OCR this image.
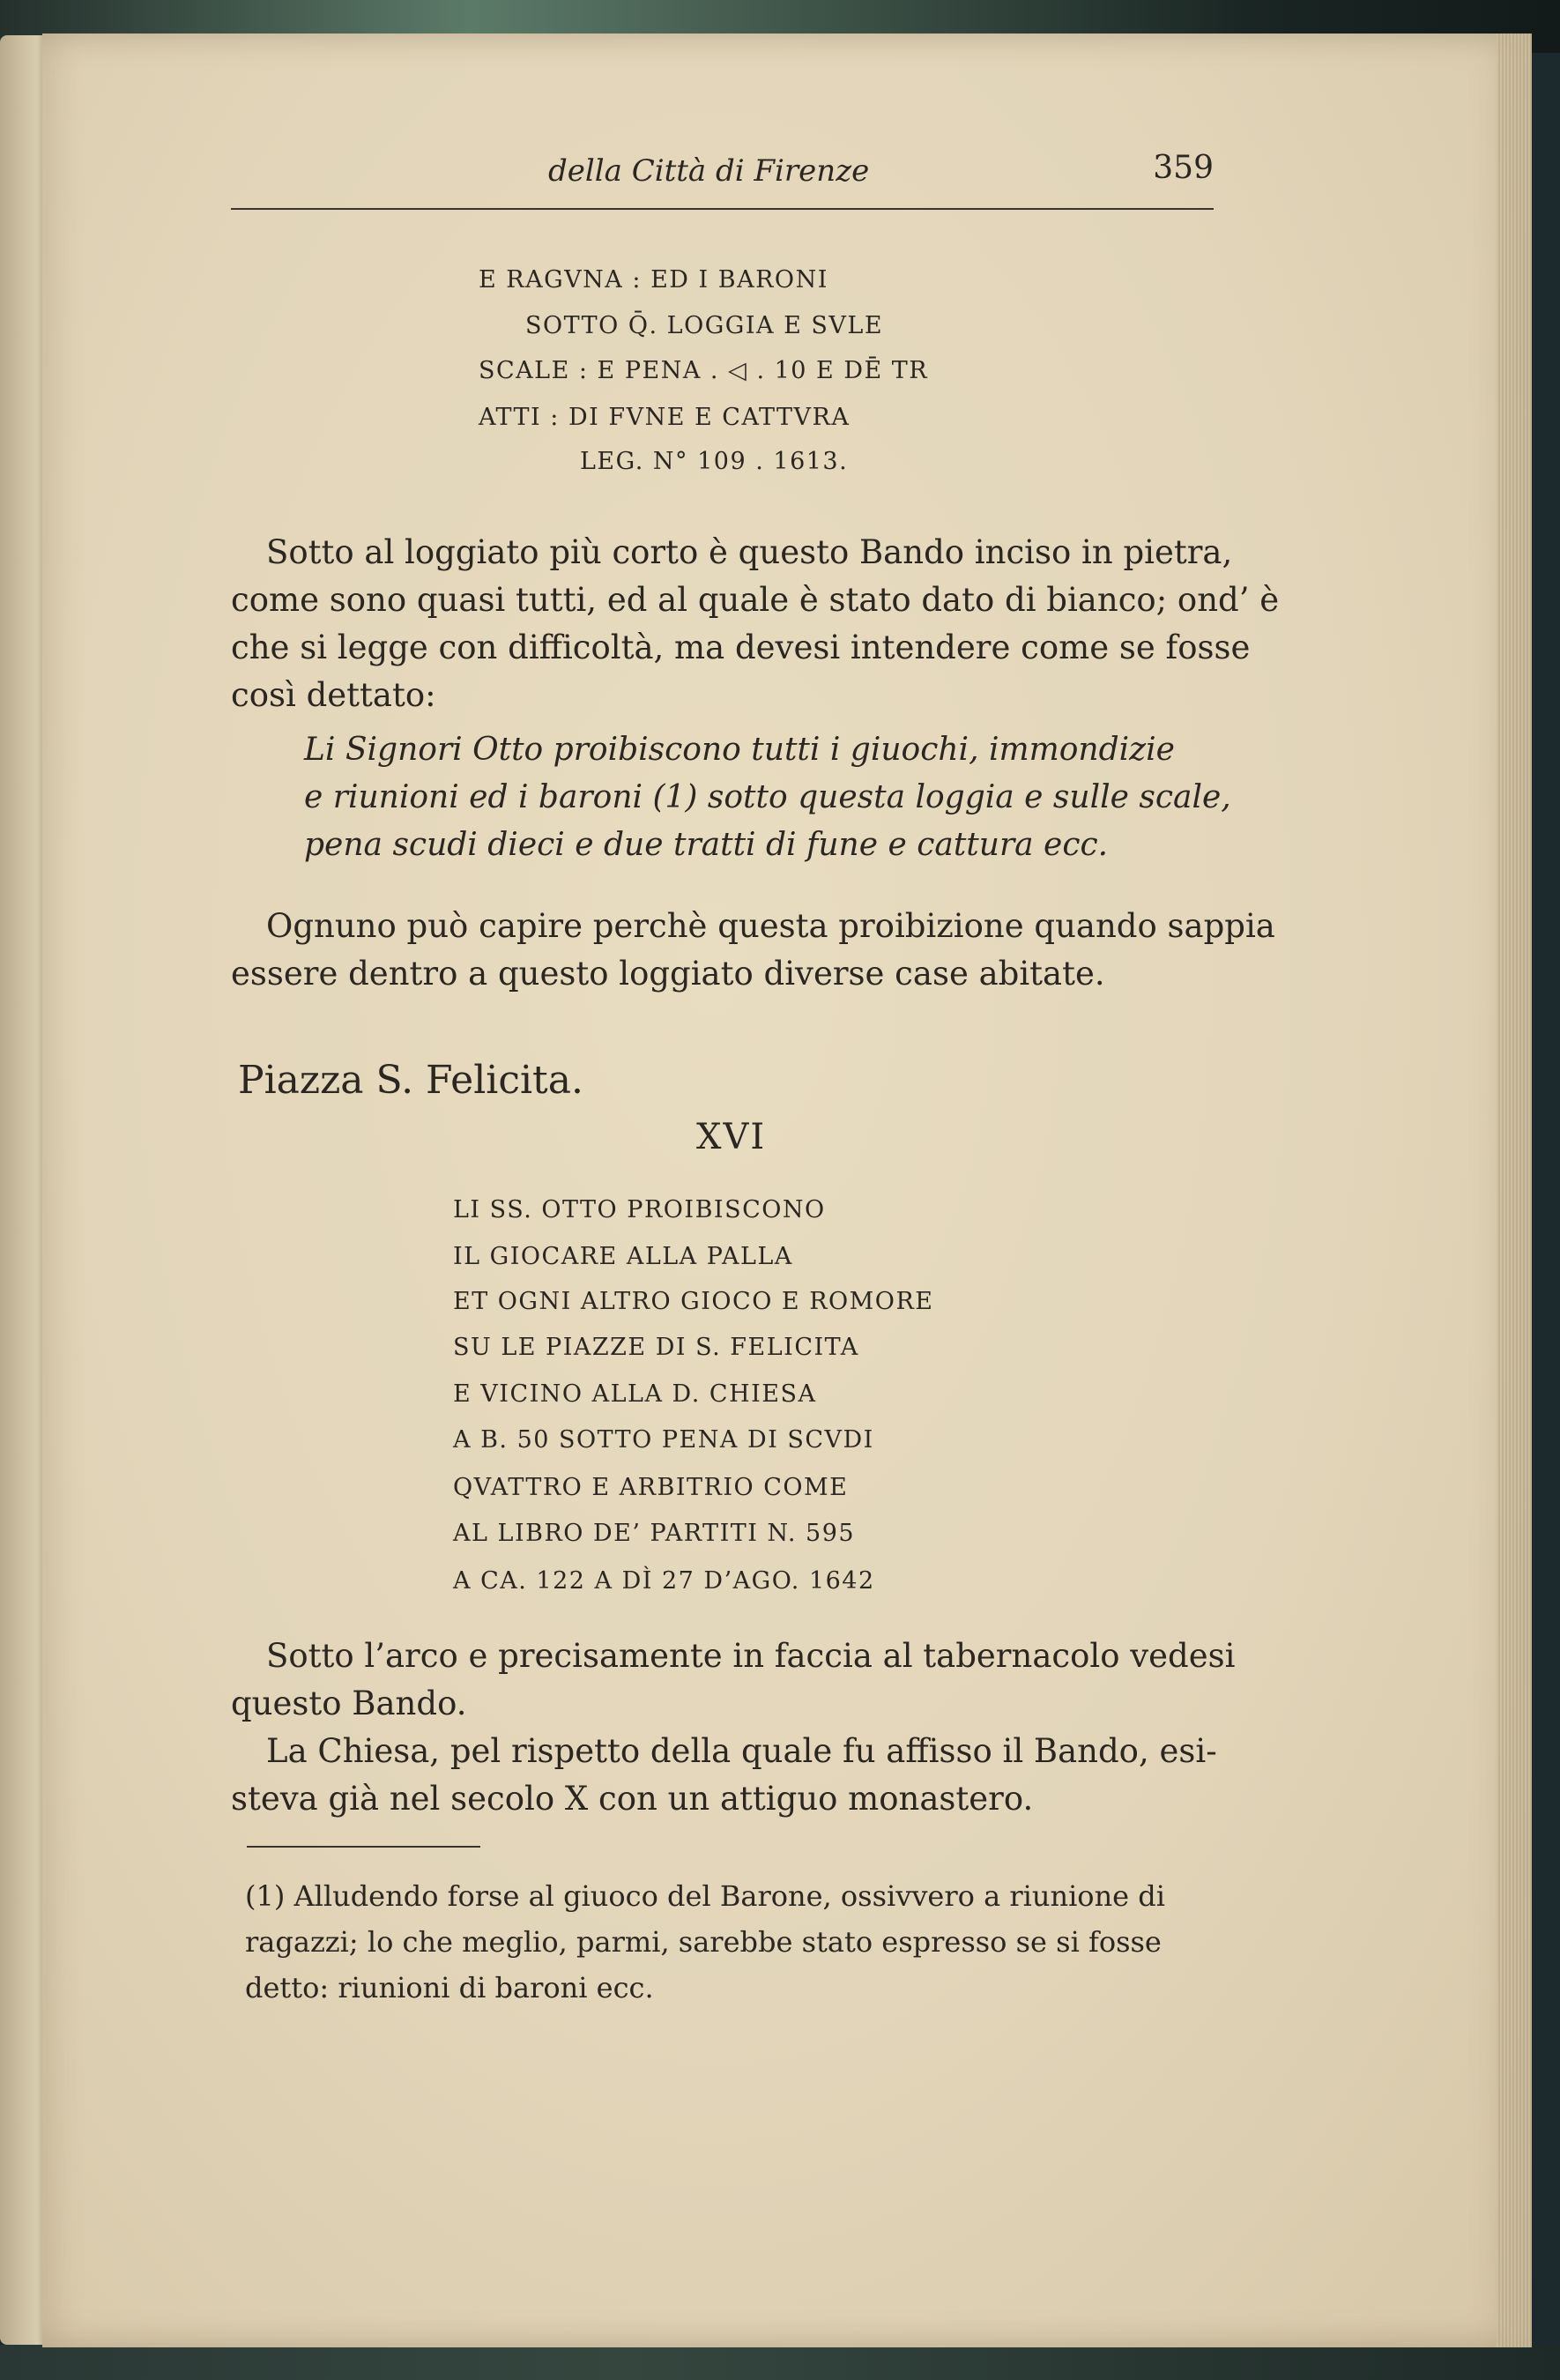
della Città di Firenze	359
E RAGVNA : ED I BARONI
SOTTO Q̄. LOGGIA E SVLE
SCALE : E PENA . ◁ . 10 E DĒ TR
ATTI : DI FVNE E CATTVRA
LEG. N° 109 . 1613.
Sotto al loggiato più corto è questo Bando inciso in pietra,
come sono quasi tutti, ed al quale è stato dato di bianco; ond’ è
che si legge con difficoltà, ma devesi intendere come se fosse
così dettato:
Li Signori Otto proibiscono tutti i giuochi, immondizie
e riunioni ed i baroni (1) sotto questa loggia e sulle scale,
pena scudi dieci e due tratti di fune e cattura ecc.
Ognuno può capire perchè questa proibizione quando sappia
essere dentro a questo loggiato diverse case abitate.
Piazza S. Felicita.
XVI
LI SS. OTTO PROIBISCONO
IL GIOCARE ALLA PALLA
ET OGNI ALTRO GIOCO E ROMORE
SU LE PIAZZE DI S. FELICITA
E VICINO ALLA D. CHIESA
A B. 50 SOTTO PENA DI SCVDI
QVATTRO E ARBITRIO COME
AL LIBRO DE’ PARTITI N. 595
A CA. 122 A DÌ 27 D’AGO. 1642
Sotto l’arco e precisamente in faccia al tabernacolo vedesi
questo Bando.
La Chiesa, pel rispetto della quale fu affisso il Bando, esi-
steva già nel secolo X con un attiguo monastero.
(1) Alludendo forse al giuoco del Barone, ossivvero a riunione di
ragazzi; lo che meglio, parmi, sarebbe stato espresso se si fosse
detto: riunioni di baroni ecc.
